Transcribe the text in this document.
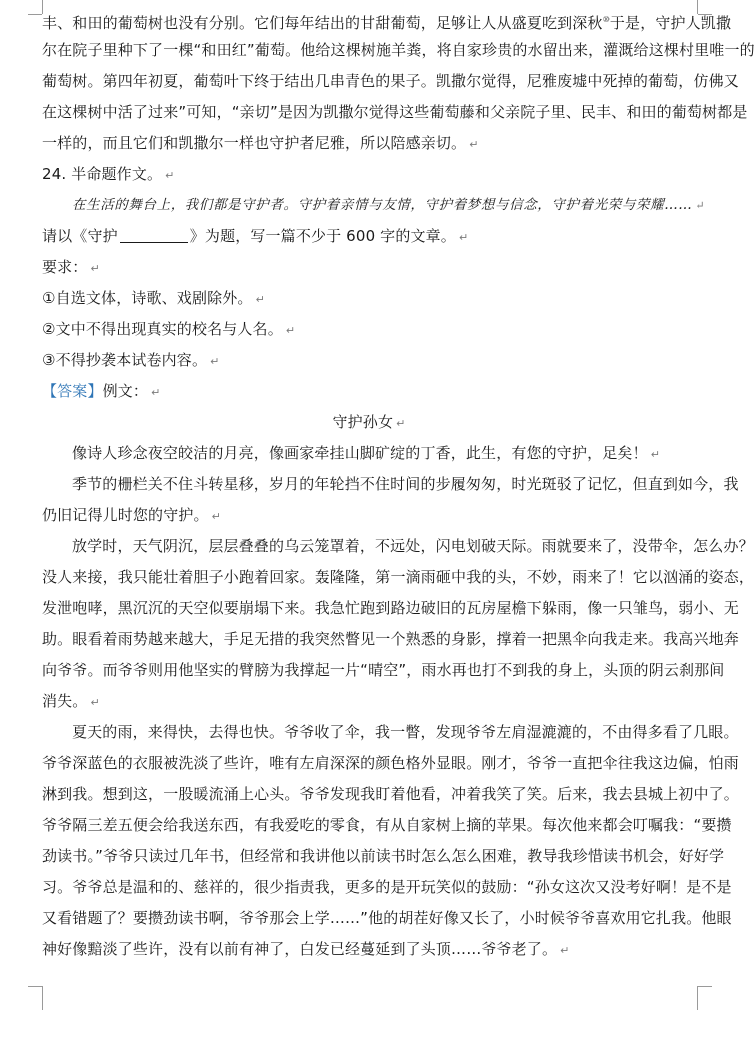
丰、和田的葡萄树也没有分别。它们每年结出的甘甜葡萄，足够让人从盛夏吃到深秋⑩于是，守护人凯撒
尔在院子里种下了一棵“和田红”葡萄。他给这棵树施羊粪，将自家珍贵的水留出来，灌溉给这棵村里唯一的
葡萄树。第四年初夏，葡萄叶下终于结出几串青色的果子。凯撒尔觉得，尼雅废墟中死掉的葡萄，仿佛又
在这棵树中活了过来”可知，“亲切”是因为凯撒尔觉得这些葡萄藤和父亲院子里、民丰、和田的葡萄树都是
一样的，而且它们和凯撒尔一样也守护者尼雅，所以陪感亲切。 ↵
24. 半命题作文。 ↵
在生活的舞台上，我们都是守护者。守护着亲情与友情，守护着梦想与信念，守护着光荣与荣耀…… ↵
请以《守护	》为题，写一篇不少于 600 字的文章。 ↵
要求： ↵
①自选文体，诗歌、戏剧除外。 ↵
②文中不得出现真实的校名与人名。 ↵
③不得抄袭本试卷内容。 ↵
【答案】例文： ↵
守护孙女 ↵
像诗人珍念夜空皎洁的月亮，像画家牵挂山脚矿绽的丁香，此生，有您的守护，足矣！ ↵
季节的栅栏关不住斗转星移，岁月的年轮挡不住时间的步履匆匆，时光斑驳了记忆，但直到如今，我
仍旧记得儿时您的守护。 ↵
放学时，天气阴沉，层层叠叠的乌云笼罩着，不远处，闪电划破天际。雨就要来了，没带伞，怎么办？
没人来接，我只能壮着胆子小跑着回家。轰隆隆，第一滴雨砸中我的头，不妙，雨来了！它以汹涌的姿态，
发泄咆哮，黑沉沉的天空似要崩塌下来。我急忙跑到路边破旧的瓦房屋檐下躲雨，像一只雏鸟，弱小、无
助。眼看着雨势越来越大，手足无措的我突然瞥见一个熟悉的身影，撑着一把黑伞向我走来。我高兴地奔
向爷爷。而爷爷则用他坚实的臂膀为我撑起一片“晴空”，雨水再也打不到我的身上，头顶的阴云刹那间
消失。 ↵
夏天的雨，来得快，去得也快。爷爷收了伞，我一瞥，发现爷爷左肩湿漉漉的，不由得多看了几眼。
爷爷深蓝色的衣服被洗淡了些许，唯有左肩深深的颜色格外显眼。刚才，爷爷一直把伞往我这边偏，怕雨
淋到我。想到这，一股暖流涌上心头。爷爷发现我盯着他看，冲着我笑了笑。后来，我去县城上初中了。
爷爷隔三差五便会给我送东西，有我爱吃的零食，有从自家树上摘的苹果。每次他来都会叮嘱我：“要攒
劲读书。”爷爷只读过几年书，但经常和我讲他以前读书时怎么怎么困难，教导我珍惜读书机会，好好学
习。爷爷总是温和的、慈祥的，很少指责我，更多的是开玩笑似的鼓励：“孙女这次又没考好啊！是不是
又看错题了？要攒劲读书啊，爷爷那会上学……”他的胡茬好像又长了，小时候爷爷喜欢用它扎我。他眼
神好像黯淡了些许，没有以前有神了，白发已经蔓延到了头顶……爷爷老了。 ↵
